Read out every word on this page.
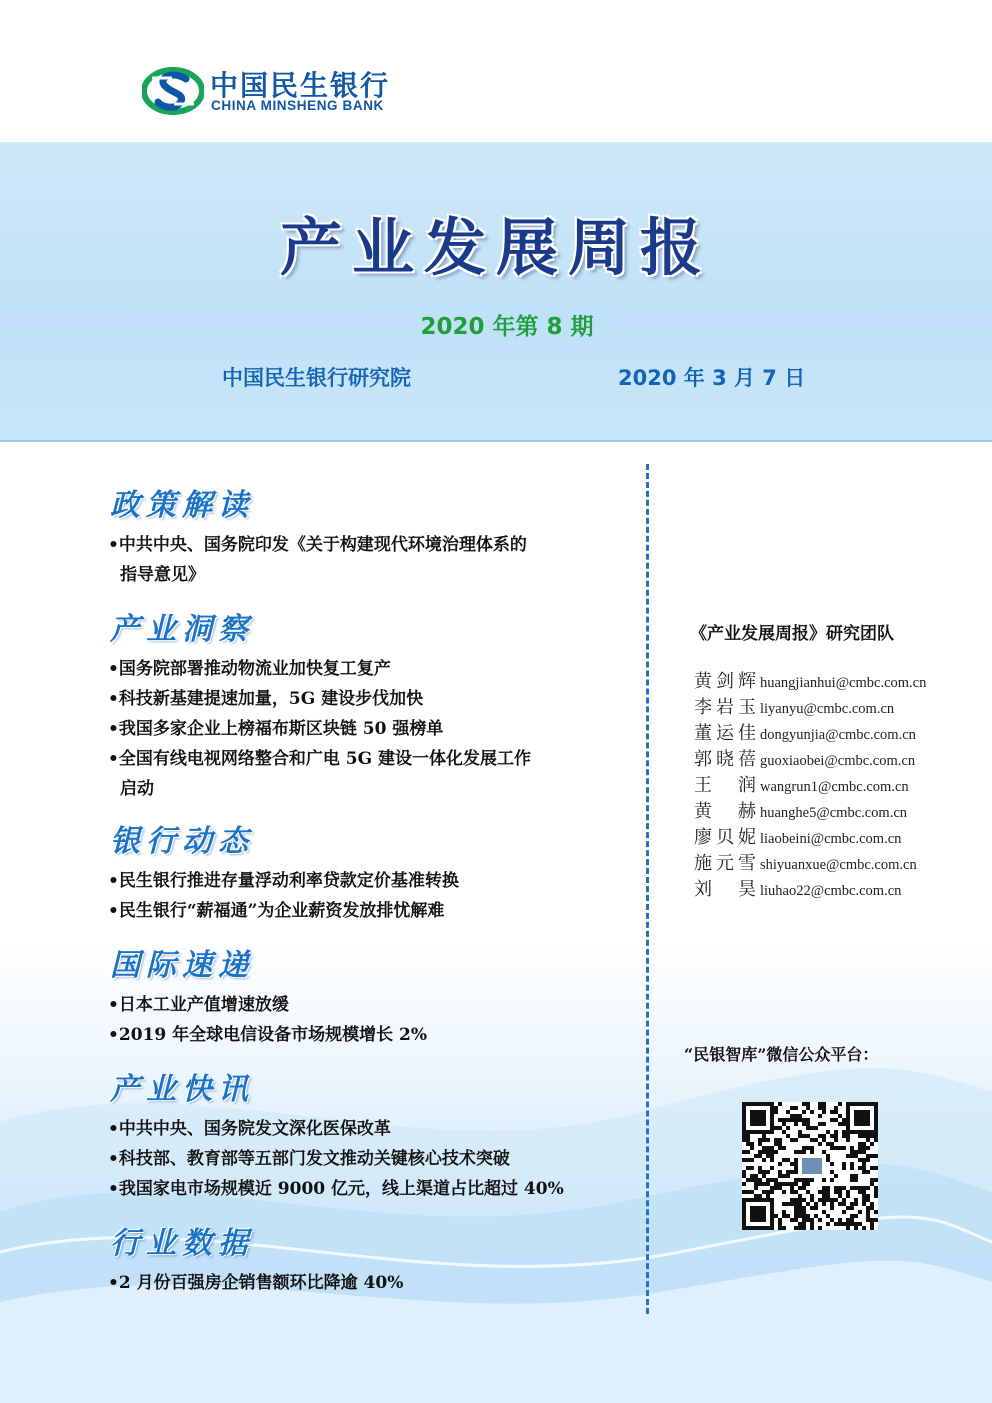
中国民生银行
CHINA MINSHENG BANK
产业发展周报
2020 年第 8 期
中国民生银行研究院	2020 年 3 月 7 日
政策解读
•中共中央、国务院印发《关于构建现代环境治理体系的
指导意见》
产业洞察
•国务院部署推动物流业加快复工复产
•科技新基建提速加量，5G 建设步伐加快
•我国多家企业上榜福布斯区块链 50 强榜单
•全国有线电视网络整合和广电 5G 建设一体化发展工作
启动
银行动态
•民生银行推进存量浮动利率贷款定价基准转换
•民生银行“薪福通”为企业薪资发放排忧解难
国际速递
•日本工业产值增速放缓
•2019 年全球电信设备市场规模增长 2%
产业快讯
•中共中央、国务院发文深化医保改革
•科技部、教育部等五部门发文推动关键核心技术突破
•我国家电市场规模近 9000 亿元，线上渠道占比超过 40%
行业数据
•2 月份百强房企销售额环比降逾 40%
《产业发展周报》研究团队
黄剑辉 huangjianhui@cmbc.com.cn
李岩玉 liyanyu@cmbc.com.cn
董运佳 dongyunjia@cmbc.com.cn
郭晓蓓 guoxiaobei@cmbc.com.cn
王润 wangrun1@cmbc.com.cn
黄赫 huanghe5@cmbc.com.cn
廖贝妮 liaobeini@cmbc.com.cn
施元雪 shiyuanxue@cmbc.com.cn
刘昊 liuhao22@cmbc.com.cn
“民银智库”微信公众平台：
